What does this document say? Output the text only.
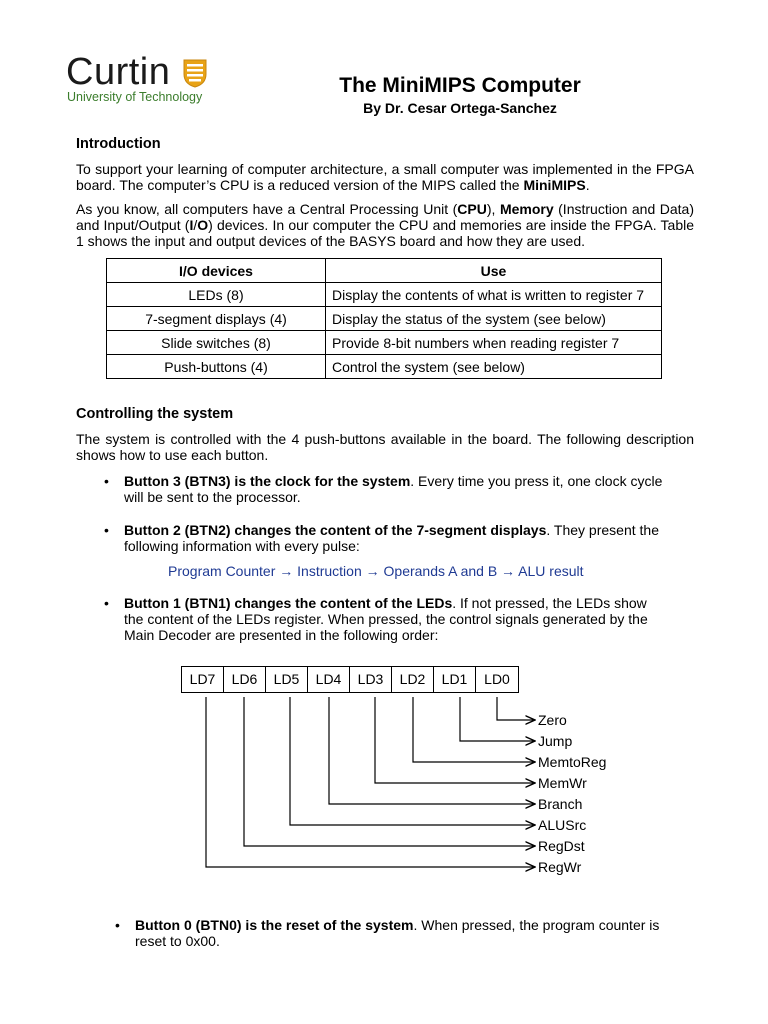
Curtin
University of Technology	The MiniMIPS Computer
By Dr. Cesar Ortega-Sanchez
Introduction

To support your learning of computer architecture, a small computer was implemented in the FPGA board. The computer’s CPU is a reduced version of the MIPS called the MiniMIPS.

As you know, all computers have a Central Processing Unit (CPU), Memory (Instruction and Data) and Input/Output (I/O) devices. In our computer the CPU and memories are inside the FPGA. Table 1 shows the input and output devices of the BASYS board and how they are used.

I/O devices	Use
LEDs (8)	Display the contents of what is written to register 7
7-segment displays (4)	Display the status of the system (see below)
Slide switches (8)	Provide 8-bit numbers when reading register 7
Push-buttons (4)	Control the system (see below)
Controlling the system

The system is controlled with the 4 push-buttons available in the board. The following description shows how to use each button.

• Button 3 (BTN3) is the clock for the system. Every time you press it, one clock cycle will be sent to the processor.
• Button 2 (BTN2) changes the content of the 7-segment displays. They present the following information with every pulse:
Program Counter → Instruction → Operands A and B → ALU result
• Button 1 (BTN1) changes the content of the LEDs. If not pressed, the LEDs show the content of the LEDs register. When pressed, the control signals generated by the Main Decoder are presented in the following order:
LD7	LD6	LD5	LD4	LD3	LD2	LD1	LD0
Zero
Jump
MemtoReg
MemWr
Branch
ALUSrc
RegDst
RegWr
• Button 0 (BTN0) is the reset of the system. When pressed, the program counter is reset to 0x00.
